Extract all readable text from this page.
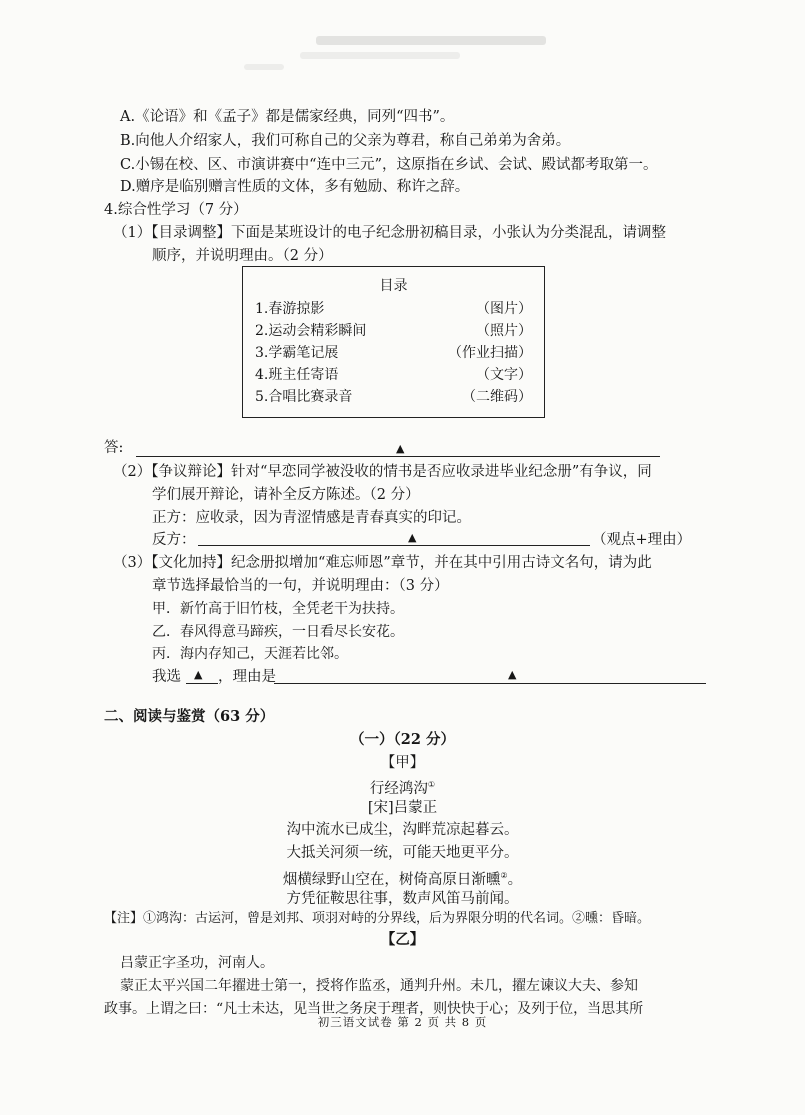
A.《论语》和《孟子》都是儒家经典，同列“四书”。
B.向他人介绍家人，我们可称自己的父亲为尊君，称自己弟弟为舍弟。
C.小锡在校、区、市演讲赛中“连中三元”，这原指在乡试、会试、殿试都考取第一。
D.赠序是临别赠言性质的文体，多有勉励、称许之辞。
4.综合性学习（7 分）
（1）【目录调整】下面是某班设计的电子纪念册初稿目录，小张认为分类混乱，请调整
顺序，并说明理由。（2 分）
目录
1.春游掠影	（图片）
2.运动会精彩瞬间	（照片）
3.学霸笔记展	（作业扫描）
4.班主任寄语	（文字）
5.合唱比赛录音	（二维码）
答:	▲
（2）【争议辩论】针对“早恋同学被没收的情书是否应收录进毕业纪念册”有争议，同
学们展开辩论，请补全反方陈述。（2 分）
正方：应收录，因为青涩情感是青春真实的印记。
反方：	▲	（观点+理由）
（3）【文化加持】纪念册拟增加“难忘师恩”章节，并在其中引用古诗文名句，请为此
章节选择最恰当的一句，并说明理由：（3 分）
甲．新竹高于旧竹枝，全凭老干为扶持。
乙．春风得意马蹄疾，一日看尽长安花。
丙．海内存知己，天涯若比邻。
我选 ▲ ，理由是	▲
二、阅读与鉴赏（63 分）
（一）（22 分）
【甲】
行经鸿沟①
[宋]吕蒙正
沟中流水已成尘，沟畔荒凉起暮云。
大抵关河须一统，可能天地更平分。
烟横绿野山空在，树倚高原日渐曛②。
方凭征鞍思往事，数声风笛马前闻。
【注】①鸿沟：古运河，曾是刘邦、项羽对峙的分界线，后为界限分明的代名词。②曛：昏暗。
【乙】
吕蒙正字圣功，河南人。
蒙正太平兴国二年擢进士第一，授将作监丞，通判升州。未几，擢左谏议大夫、参知
政事。上谓之曰：“凡士未达，见当世之务戾于理者，则快快于心；及列于位，当思其所
初三语文试卷 第 2 页 共 8 页
